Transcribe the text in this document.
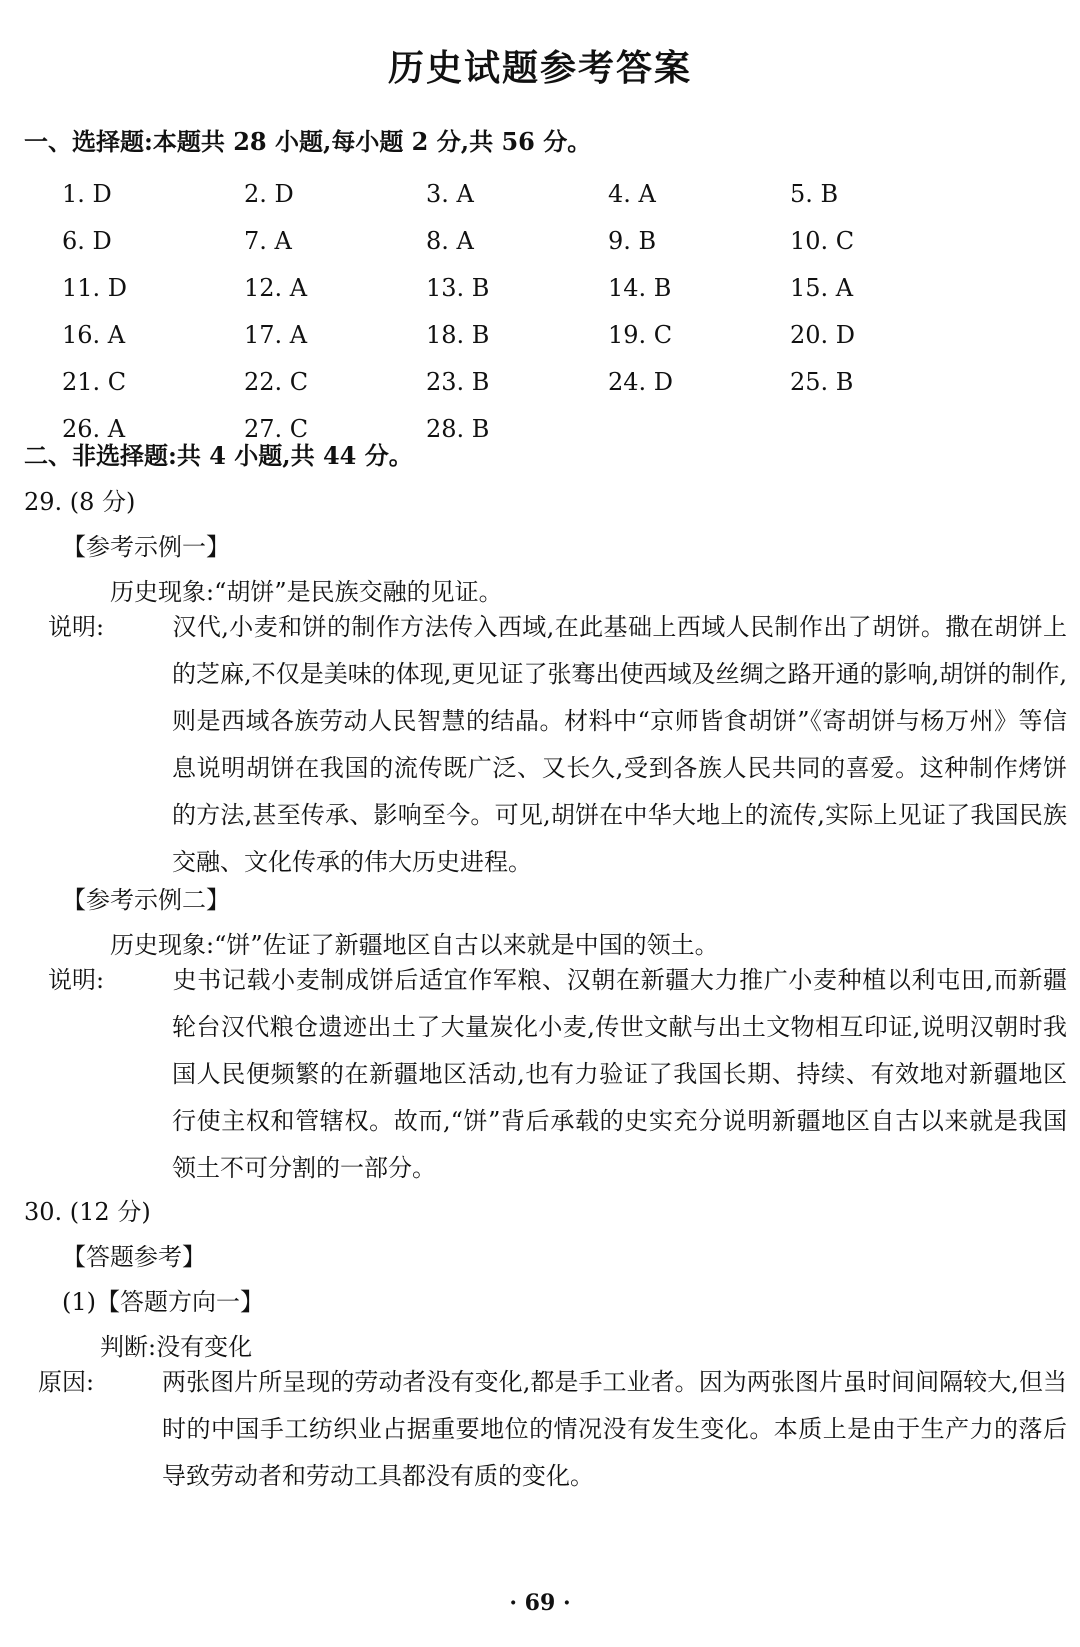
历史试题参考答案
一、选择题:本题共 28 小题,每小题 2 分,共 56 分。
1. D	2. D	3. A	4. A	5. B
6. D	7. A	8. A	9. B	10. C
11. D	12. A	13. B	14. B	15. A
16. A	17. A	18. B	19. C	20. D
21. C	22. C	23. B	24. D	25. B
26. A	27. C	28. B
二、非选择题:共 4 小题,共 44 分。
29. (8 分)
【参考示例一】
历史现象:“胡饼”是民族交融的见证。

说明:	汉代,小麦和饼的制作方法传入西域,在此基础上西域人民制作出了胡饼。撒在胡饼上的芝麻,不仅是美味的体现,更见证了张骞出使西域及丝绸之路开通的影响,胡饼的制作,则是西域各族劳动人民智慧的结晶。材料中“京师皆食胡饼”《寄胡饼与杨万州》等信息说明胡饼在我国的流传既广泛、又长久,受到各族人民共同的喜爱。这种制作烤饼的方法,甚至传承、影响至今。可见,胡饼在中华大地上的流传,实际上见证了我国民族交融、文化传承的伟大历史进程。

【参考示例二】
历史现象:“饼”佐证了新疆地区自古以来就是中国的领土。

说明:	史书记载小麦制成饼后适宜作军粮、汉朝在新疆大力推广小麦种植以利屯田,而新疆轮台汉代粮仓遗迹出土了大量炭化小麦,传世文献与出土文物相互印证,说明汉朝时我国人民便频繁的在新疆地区活动,也有力验证了我国长期、持续、有效地对新疆地区行使主权和管辖权。故而,“饼”背后承载的史实充分说明新疆地区自古以来就是我国领土不可分割的一部分。

30. (12 分)
【答题参考】
(1)【答题方向一】
判断:没有变化

原因:	两张图片所呈现的劳动者没有变化,都是手工业者。因为两张图片虽时间间隔较大,但当时的中国手工纺织业占据重要地位的情况没有发生变化。本质上是由于生产力的落后导致劳动者和劳动工具都没有质的变化。

· 69 ·
